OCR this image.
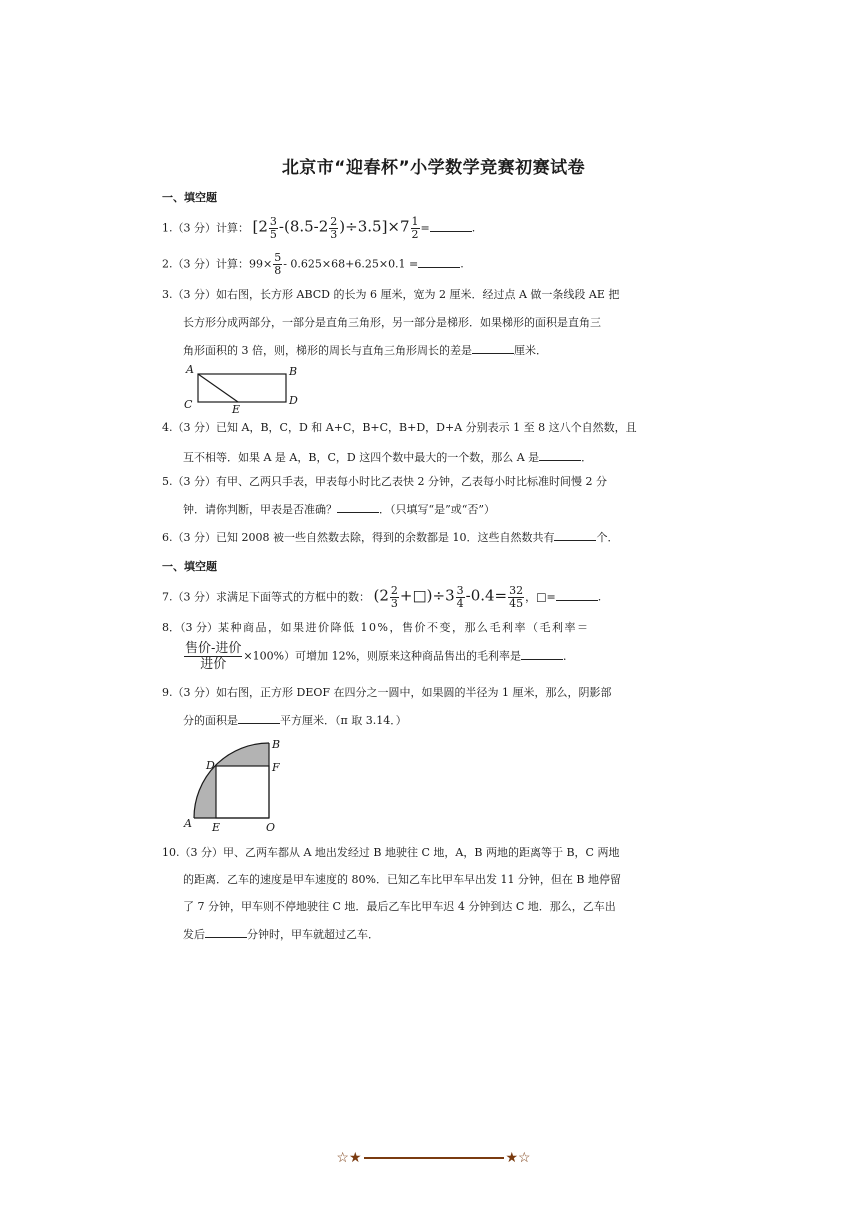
北京市“迎春杯”小学数学竞赛初赛试卷
一、填空题
1.（3 分）计算： $[2 \frac{3}{5} -(8.5-2 \frac{2}{3} )\div 3.5]\times 7 \frac{1}{2}$ =	.
2.（3 分）计算：$99\times \frac{5}{8} - 0.625\times 68+6.25\times 0.1$ =	.
3.（3 分）如右图，长方形 ABCD 的长为 6 厘米，宽为 2 厘米．经过点 A 做一条线段 AE 把
长方形分成两部分，一部分是直角三角形，另一部分是梯形．如果梯形的面积是直角三
角形面积的 3 倍，则，梯形的周长与直角三角形周长的差是	厘米．
A	B
C	D
E
4.（3 分）已知 A，B，C，D 和 A+C，B+C，B+D，D+A 分别表示 1 至 8 这八个自然数，且
互不相等．如果 A 是 A，B，C，D 这四个数中最大的一个数，那么 A 是	．
5.（3 分）有甲、乙两只手表，甲表每小时比乙表快 2 分钟，乙表每小时比标准时间慢 2 分
钟．请你判断，甲表是否准确？	．（只填写“是”或“否”）
6.（3 分）已知 2008 被一些自然数去除，得到的余数都是 10．这些自然数共有	个．
一、填空题
7.（3 分）求满足下面等式的方框中的数： ($2 \frac{2}{3}$ +□)÷3 $\frac{3}{4} -0.4= \frac{32}{45}$ ，□=	.
8．（3 分）某种商品，如果进价降低 10%，售价不变，那么毛利率（毛利率＝
$\frac{\text{售价-进价}}{\text{进价}} \times 100\%$）可增加 12%，则原来这种商品售出的毛利率是	．
9.（3 分）如右图，正方形 DEOF 在四分之一圆中，如果圆的半径为 1 厘米，那么，阴影部
分的面积是	平方厘米．（π 取 3.14．）
B
D	F
A E	O
10.（3 分）甲、乙两车都从 A 地出发经过 B 地驶往 C 地，A，B 两地的距离等于 B，C 两地
的距离．乙车的速度是甲车速度的 80%．已知乙车比甲车早出发 11 分钟，但在 B 地停留
了 7 分钟，甲车则不停地驶往 C 地．最后乙车比甲车迟 4 分钟到达 C 地．那么，乙车出
发后	分钟时，甲车就超过乙车．
☆★	★☆
